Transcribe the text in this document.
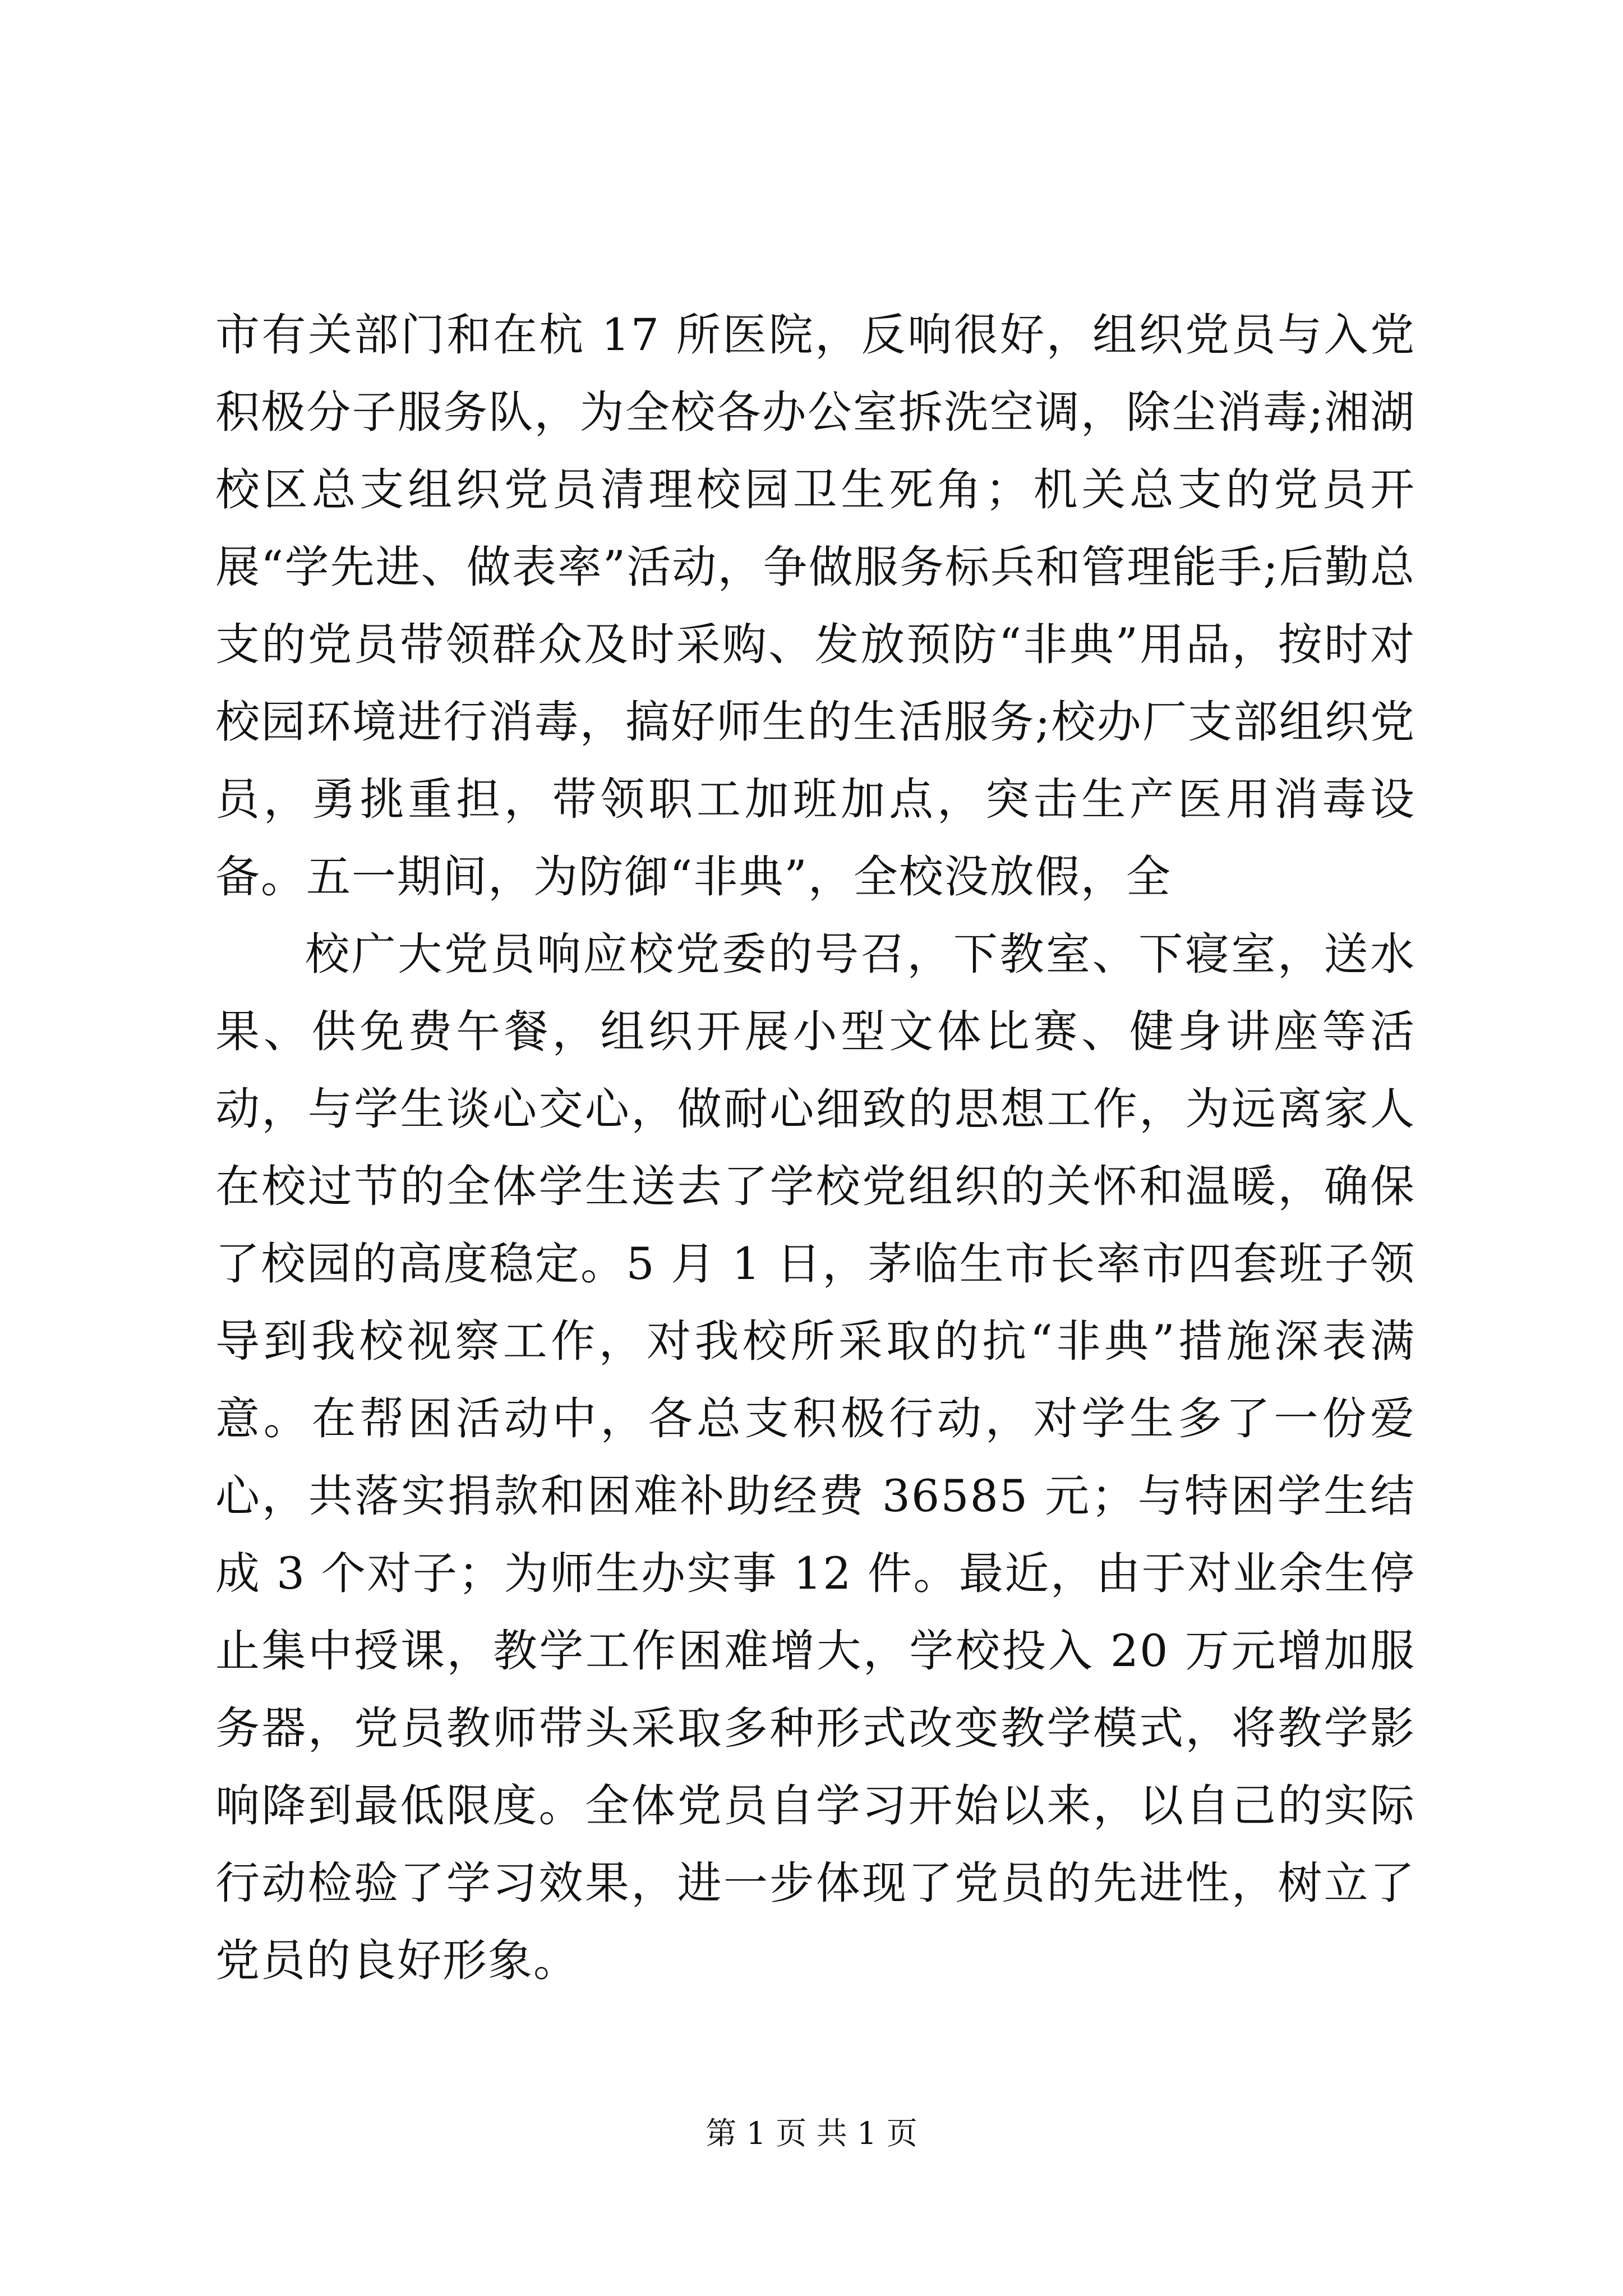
市有关部门和在杭 17 所医院，反响很好，组织党员与入党积极分子服务队，为全校各办公室拆洗空调，除尘消毒;湘湖校区总支组织党员清理校园卫生死角；机关总支的党员开展“学先进、做表率”活动，争做服务标兵和管理能手;后勤总支的党员带领群众及时采购、发放预防“非典”用品，按时对校园环境进行消毒，搞好师生的生活服务;校办厂支部组织党员，勇挑重担，带领职工加班加点，突击生产医用消毒设备。五一期间，为防御“非典”，全校没放假，全

校广大党员响应校党委的号召，下教室、下寝室，送水果、供免费午餐，组织开展小型文体比赛、健身讲座等活动，与学生谈心交心，做耐心细致的思想工作，为远离家人在校过节的全体学生送去了学校党组织的关怀和温暖，确保了校园的高度稳定。5 月 1 日，茅临生市长率市四套班子领导到我校视察工作，对我校所采取的抗“非典”措施深表满意。在帮困活动中，各总支积极行动，对学生多了一份爱心，共落实捐款和困难补助经费 36585 元；与特困学生结成 3 个对子；为师生办实事 12 件。最近，由于对业余生停止集中授课，教学工作困难增大，学校投入 20 万元增加服务器，党员教师带头采取多种形式改变教学模式，将教学影响降到最低限度。全体党员自学习开始以来，以自己的实际行动检验了学习效果，进一步体现了党员的先进性，树立了党员的良好形象。

第 1 页 共 1 页
